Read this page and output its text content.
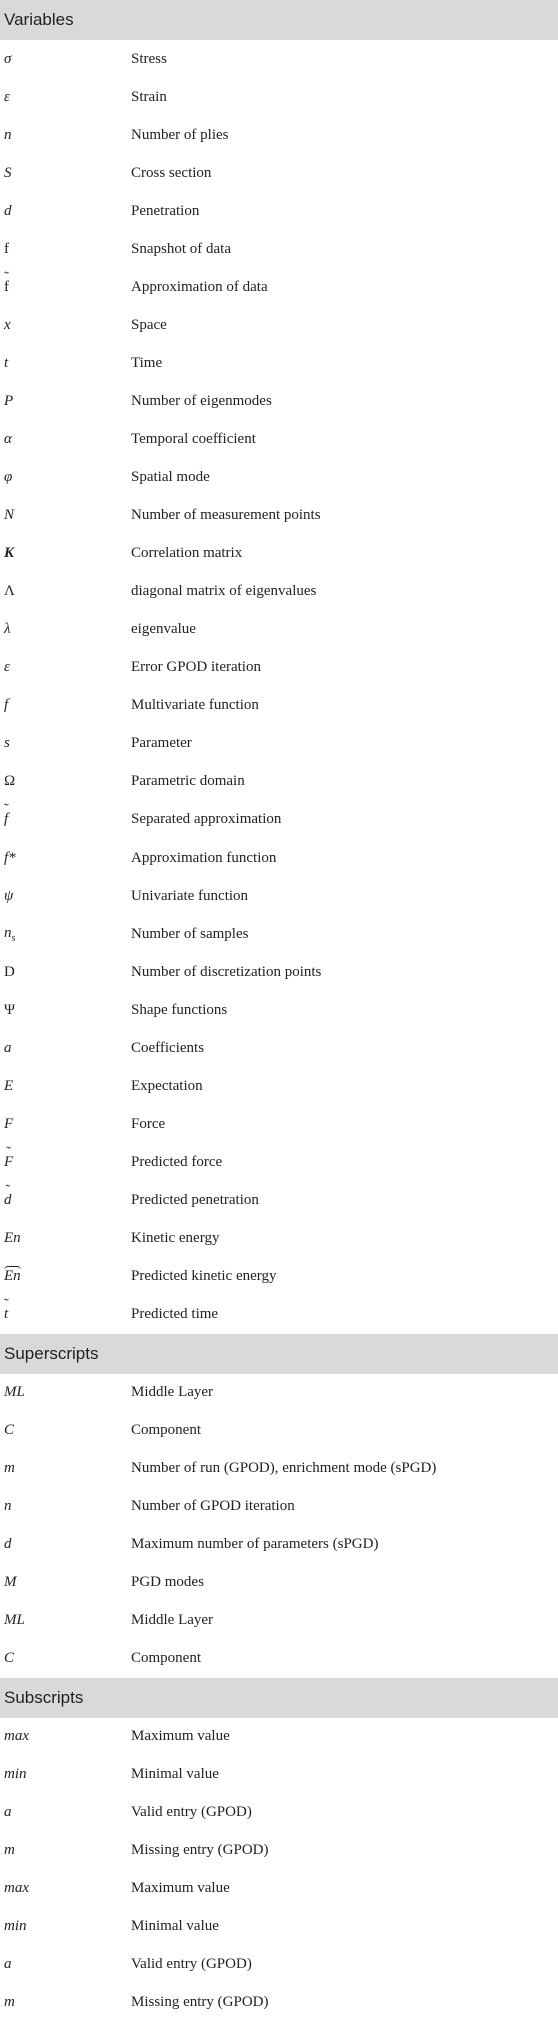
Variables
σ	Stress
ε	Strain
n	Number of plies
S	Cross section
d	Penetration
f	Snapshot of data
˜ f	Approximation of data
x	Space
t	Time
P	Number of eigenmodes
α	Temporal coefficient
φ	Spatial mode
N	Number of measurement points
K	Correlation matrix
Λ	diagonal matrix of eigenvalues
λ	eigenvalue
ε	Error GPOD iteration
f	Multivariate function
s	Parameter
Ω	Parametric domain
˜ f	Separated approximation
f*	Approximation function
ψ	Univariate function
$n_s$	Number of samples
D	Number of discretization points
Ψ	Shape functions
a	Coefficients
E	Expectation
F	Force
˜ F	Predicted force
˜ d	Predicted penetration
En	Kinetic energy
En	Predicted kinetic energy
˜ t	Predicted time
Superscripts
ML	Middle Layer
C	Component
m	Number of run (GPOD), enrichment mode (sPGD)
n	Number of GPOD iteration
d	Maximum number of parameters (sPGD)
M	PGD modes
ML	Middle Layer
C	Component
Subscripts
max	Maximum value
min	Minimal value
a	Valid entry (GPOD)
m	Missing entry (GPOD)
max	Maximum value
min	Minimal value
a	Valid entry (GPOD)
m	Missing entry (GPOD)
